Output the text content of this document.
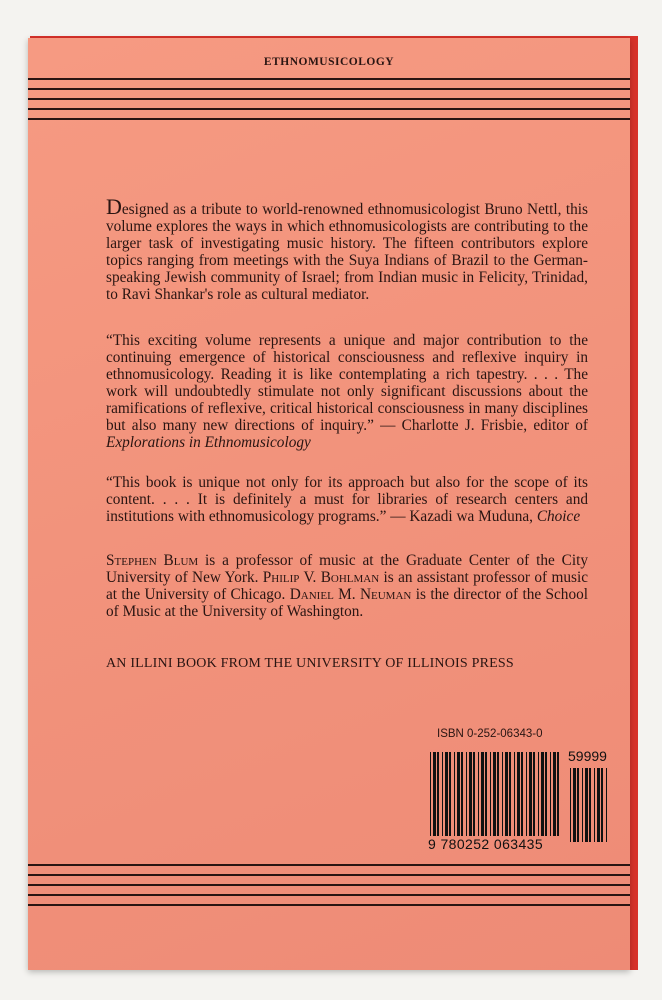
ETHNOMUSICOLOGY

Designed as a tribute to world-renowned ethnomusicologist Bruno Nettl, this volume explores the ways in which ethnomusicologists are contributing to the larger task of investigating music history. The fifteen contributors explore topics ranging from meetings with the Suya Indians of Brazil to the German-speaking Jewish community of Israel; from Indian music in Felicity, Trinidad, to Ravi Shankar's role as cultural mediator.

“This exciting volume represents a unique and major contribution to the continuing emergence of historical consciousness and reflexive inquiry in ethnomusicology. Reading it is like contemplating a rich tapestry. . . . The work will undoubtedly stimulate not only significant discussions about the ramifications of reflexive, critical historical consciousness in many disciplines but also many new directions of inquiry.” — Charlotte J. Frisbie, editor of Explorations in Ethnomusicology

“This book is unique not only for its approach but also for the scope of its content. . . . It is definitely a must for libraries of research centers and institutions with ethnomusicology programs.” — Kazadi wa Muduna, Choice

Stephen Blum is a professor of music at the Graduate Center of the City University of New York. Philip V. Bohlman is an assistant professor of music at the University of Chicago. Daniel M. Neuman is the director of the School of Music at the University of Washington.

AN ILLINI BOOK FROM THE UNIVERSITY OF ILLINOIS PRESS
ISBN 0-252-06343-0
59999
9 780252 063435
